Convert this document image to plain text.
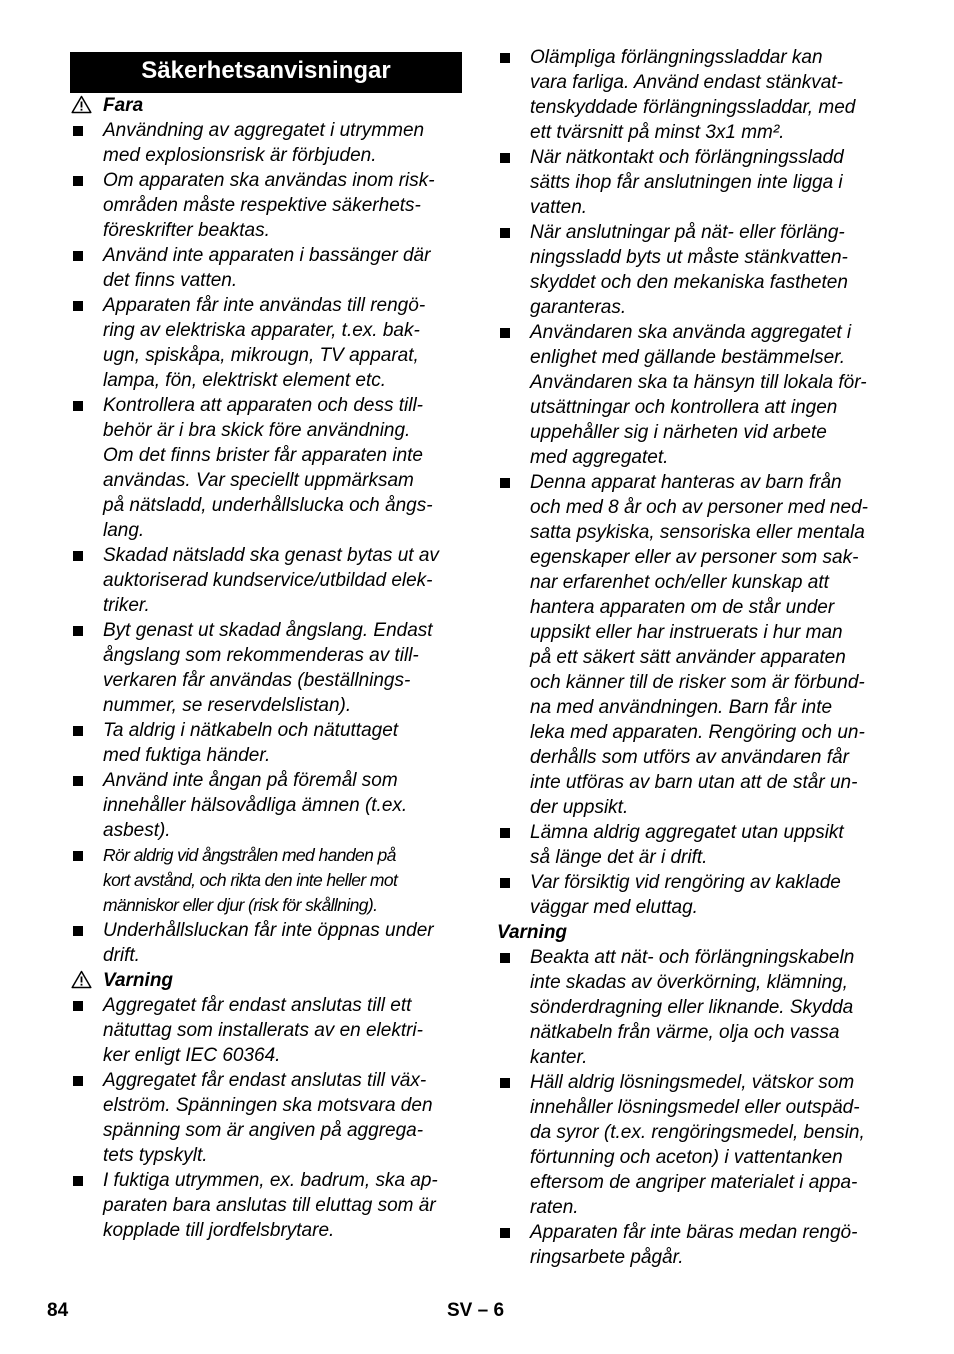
Säkerhetsanvisningar
Fara
Användning av aggregatet i utrymmen
med explosionsrisk är förbjuden.
Om apparaten ska användas inom risk-
områden måste respektive säkerhets-
föreskrifter beaktas.
Använd inte apparaten i bassänger där
det finns vatten.
Apparaten får inte användas till rengö-
ring av elektriska apparater, t.ex. bak-
ugn, spiskåpa, mikrougn, TV apparat,
lampa, fön, elektriskt element etc.
Kontrollera att apparaten och dess till-
behör är i bra skick före användning.
Om det finns brister får apparaten inte
användas. Var speciellt uppmärksam
på nätsladd, underhållslucka och ångs-
lang.
Skadad nätsladd ska genast bytas ut av
auktoriserad kundservice/utbildad elek-
triker.
Byt genast ut skadad ångslang. Endast
ångslang som rekommenderas av till-
verkaren får användas (beställnings-
nummer, se reservdelslistan).
Ta aldrig i nätkabeln och nätuttaget
med fuktiga händer.
Använd inte ångan på föremål som
innehåller hälsovådliga ämnen (t.ex.
asbest).
Rör aldrig vid ångstrålen med handen på
kort avstånd, och rikta den inte heller mot
människor eller djur (risk för skållning).
Underhållsluckan får inte öppnas under
drift.
Varning
Aggregatet får endast anslutas till ett
nätuttag som installerats av en elektri-
ker enligt IEC 60364.
Aggregatet får endast anslutas till väx-
elström. Spänningen ska motsvara den
spänning som är angiven på aggrega-
tets typskylt.
I fuktiga utrymmen, ex. badrum, ska ap-
paraten bara anslutas till eluttag som är
kopplade till jordfelsbrytare.
Olämpliga förlängningssladdar kan
vara farliga. Använd endast stänkvat-
tenskyddade förlängningssladdar, med
ett tvärsnitt på minst 3x1 mm².
När nätkontakt och förlängningssladd
sätts ihop får anslutningen inte ligga i
vatten.
När anslutningar på nät- eller förläng-
ningssladd byts ut måste stänkvatten-
skyddet och den mekaniska fastheten
garanteras.
Användaren ska använda aggregatet i
enlighet med gällande bestämmelser.
Användaren ska ta hänsyn till lokala för-
utsättningar och kontrollera att ingen
uppehåller sig i närheten vid arbete
med aggregatet.
Denna apparat hanteras av barn från
och med 8 år och av personer med ned-
satta psykiska, sensoriska eller mentala
egenskaper eller av personer som sak-
nar erfarenhet och/eller kunskap att
hantera apparaten om de står under
uppsikt eller har instruerats i hur man
på ett säkert sätt använder apparaten
och känner till de risker som är förbund-
na med användningen. Barn får inte
leka med apparaten. Rengöring och un-
derhålls som utförs av användaren får
inte utföras av barn utan att de står un-
der uppsikt.
Lämna aldrig aggregatet utan uppsikt
så länge det är i drift.
Var försiktig vid rengöring av kaklade
väggar med eluttag.
Varning
Beakta att nät- och förlängningskabeln
inte skadas av överkörning, klämning,
sönderdragning eller liknande. Skydda
nätkabeln från värme, olja och vassa
kanter.
Häll aldrig lösningsmedel, vätskor som
innehåller lösningsmedel eller outspäd-
da syror (t.ex. rengöringsmedel, bensin,
förtunning och aceton) i vattentanken
eftersom de angriper materialet i appa-
raten.
Apparaten får inte bäras medan rengö-
ringsarbete pågår.
84	SV – 6
